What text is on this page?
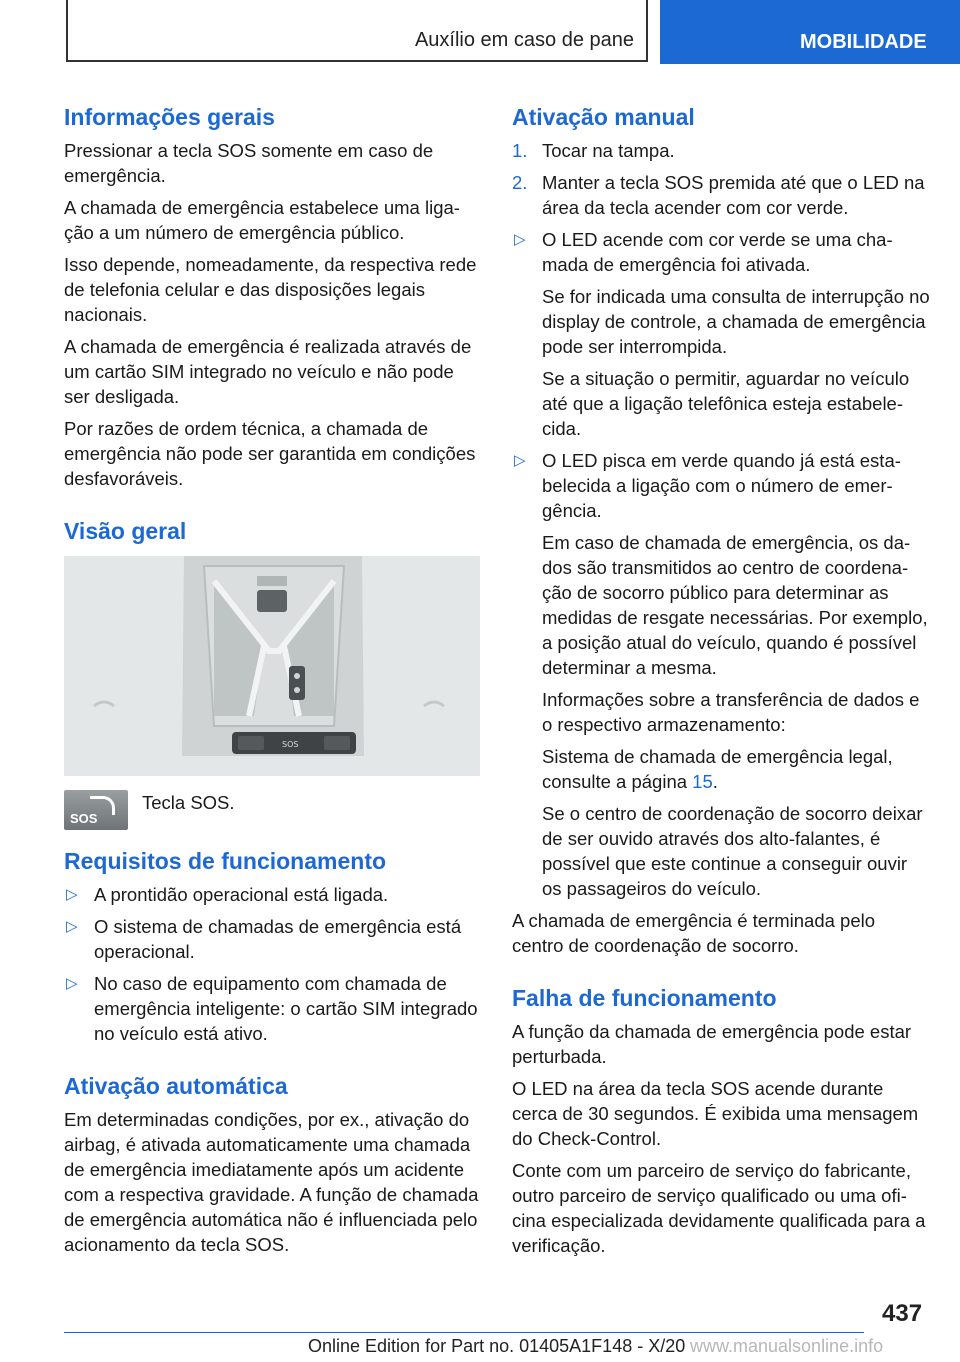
Auxílio em caso de pane	MOBILIDADE
Informações gerais

Pressionar a tecla SOS somente em caso de emergência.

A chamada de emergência estabelece uma ligação a um número de emergência público.

Isso depende, nomeadamente, da respectiva rede de telefonia celular e das disposições legais nacionais.

A chamada de emergência é realizada através de um cartão SIM integrado no veículo e não pode ser desligada.

Por razões de ordem técnica, a chamada de emergência não pode ser garantida em condições desfavoráveis.

Visão geral
SOS
SOS
Tecla SOS.
Requisitos de funcionamento
▷ A prontidão operacional está ligada.
▷ O sistema de chamadas de emergência está operacional.
▷ No caso de equipamento com chamada de emergência inteligente: o cartão SIM integrado no veículo está ativo.
Ativação automática

Em determinadas condições, por ex., ativação do airbag, é ativada automaticamente uma chamada de emergência imediatamente após um acidente com a respectiva gravidade. A função de chamada de emergência automática não é influenciada pelo acionamento da tecla SOS.

Ativação manual
1. Tocar na tampa.
2. Manter a tecla SOS premida até que o LED na área da tecla acender com cor verde.
▷ O LED acende com cor verde se uma chamada de emergência foi ativada.

Se for indicada uma consulta de interrupção no display de controle, a chamada de emergência pode ser interrompida.

Se a situação o permitir, aguardar no veículo até que a ligação telefônica esteja estabelecida.

▷ O LED pisca em verde quando já está estabelecida a ligação com o número de emergência.

Em caso de chamada de emergência, os dados são transmitidos ao centro de coordenação de socorro público para determinar as medidas de resgate necessárias. Por exemplo, a posição atual do veículo, quando é possível determinar a mesma.

Informações sobre a transferência de dados e o respectivo armazenamento:

Sistema de chamada de emergência legal, consulte a página 15.

Se o centro de coordenação de socorro deixar de ser ouvido através dos alto-falantes, é possível que este continue a conseguir ouvir os passageiros do veículo.

A chamada de emergência é terminada pelo centro de coordenação de socorro.

Falha de funcionamento

A função da chamada de emergência pode estar perturbada.

O LED na área da tecla SOS acende durante cerca de 30 segundos. É exibida uma mensagem do Check-Control.

Conte com um parceiro de serviço do fabricante, outro parceiro de serviço qualificado ou uma oficina especializada devidamente qualificada para a verificação.

437
Online Edition for Part no. 01405A1F148 - X/20 www.manualsonline.info
